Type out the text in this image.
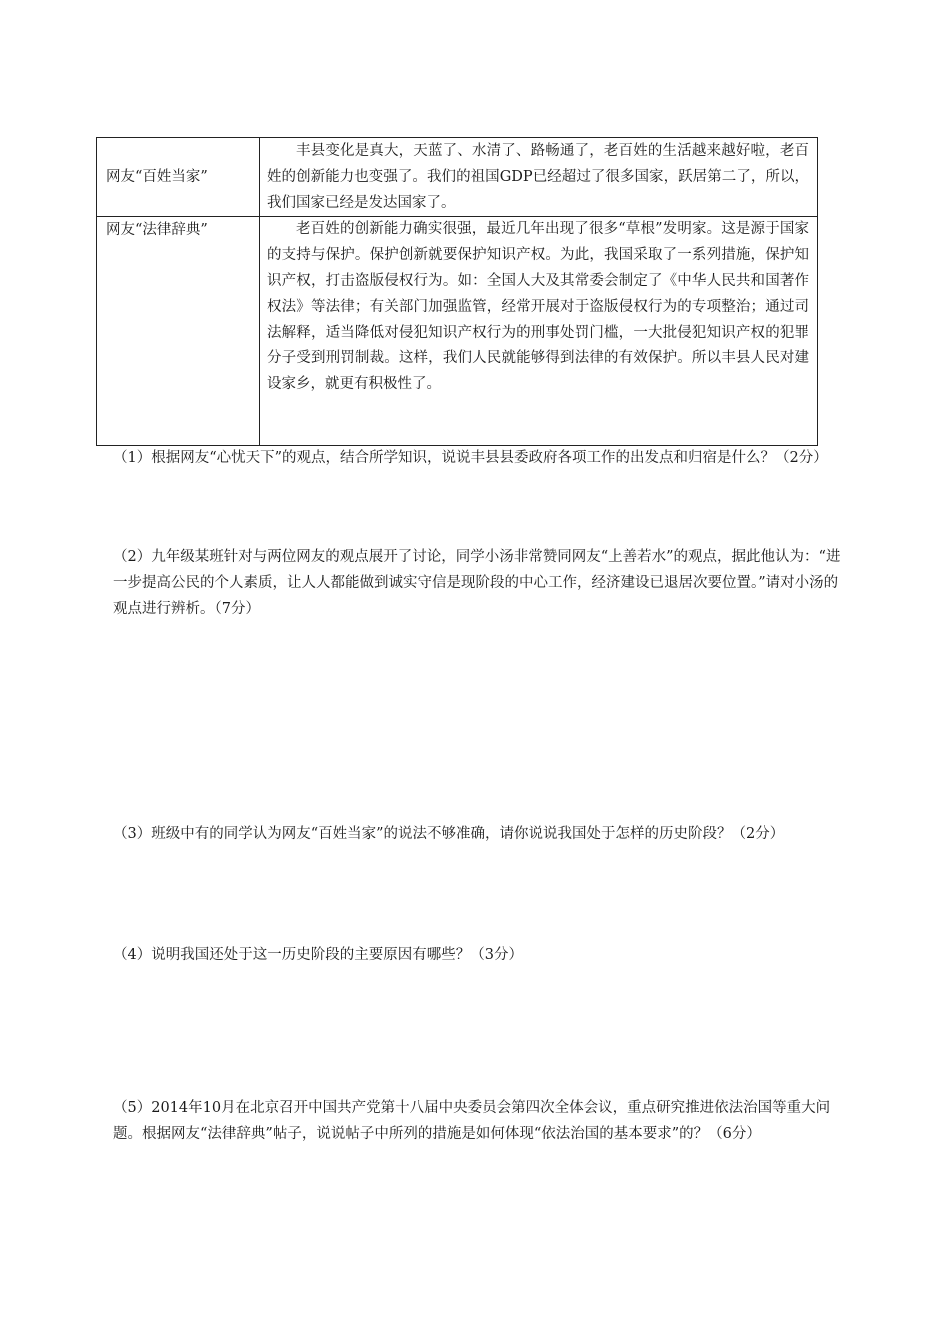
网友“百姓当家”	丰县变化是真大，天蓝了、水清了、路畅通了，老百姓的生活越来越好啦，老百姓的创新能力也变强了。我们的祖国GDP已经超过了很多国家，跃居第二了，所以，我们国家已经是发达国家了。

网友“法律辞典”	老百姓的创新能力确实很强，最近几年出现了很多“草根”发明家。这是源于国家的支持与保护。保护创新就要保护知识产权。为此，我国采取了一系列措施，保护知识产权，打击盗版侵权行为。如：全国人大及其常委会制定了《中华人民共和国著作权法》等法律；有关部门加强监管，经常开展对于盗版侵权行为的专项整治；通过司法解释，适当降低对侵犯知识产权行为的刑事处罚门槛，一大批侵犯知识产权的犯罪分子受到刑罚制裁。这样，我们人民就能够得到法律的有效保护。所以丰县人民对建设家乡，就更有积极性了。

（1）根据网友“心忧天下”的观点，结合所学知识，说说丰县县委政府各项工作的出发点和归宿是什么？（2分）

（2）九年级某班针对与两位网友的观点展开了讨论，同学小汤非常赞同网友“上善若水”的观点，据此他认为：“进一步提高公民的个人素质，让人人都能做到诚实守信是现阶段的中心工作，经济建设已退居次要位置。”请对小汤的观点进行辨析。（7分）

（3）班级中有的同学认为网友“百姓当家”的说法不够准确，请你说说我国处于怎样的历史阶段？（2分）

（4）说明我国还处于这一历史阶段的主要原因有哪些？（3分）

（5）2014年10月在北京召开中国共产党第十八届中央委员会第四次全体会议，重点研究推进依法治国等重大问题。根据网友“法律辞典”帖子，说说帖子中所列的措施是如何体现“依法治国的基本要求”的？（6分）
